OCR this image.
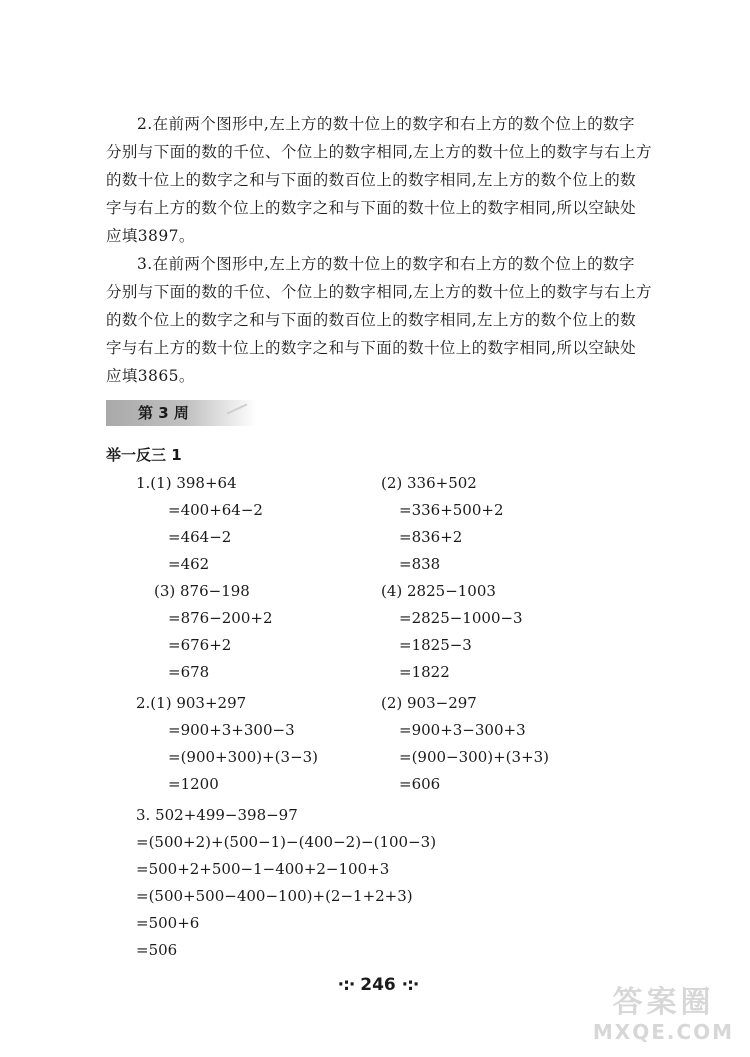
2.在前两个图形中,左上方的数十位上的数字和右上方的数个位上的数字
分别与下面的数的千位、个位上的数字相同,左上方的数十位上的数字与右上方
的数十位上的数字之和与下面的数百位上的数字相同,左上方的数个位上的数
字与右上方的数个位上的数字之和与下面的数十位上的数字相同,所以空缺处
应填3897。
3.在前两个图形中,左上方的数十位上的数字和右上方的数个位上的数字
分别与下面的数的千位、个位上的数字相同,左上方的数十位上的数字与右上方
的数个位上的数字之和与下面的数百位上的数字相同,左上方的数个位上的数
字与右上方的数十位上的数字之和与下面的数十位上的数字相同,所以空缺处
应填3865。
第 3 周
举一反三 1
1.(1) 398+64
=400+64−2
=464−2
=462
(3) 876−198
=876−200+2
=676+2
=678
(2) 336+502
=336+500+2
=836+2
=838
(4) 2825−1003
=2825−1000−3
=1825−3
=1822
2.(1) 903+297
=900+3+300−3
=(900+300)+(3−3)
=1200
(2) 903−297
=900+3−300+3
=(900−300)+(3+3)
=606
3. 502+499−398−97
=(500+2)+(500−1)−(400−2)−(100−3)
=500+2+500−1−400+2−100+3
=(500+500−400−100)+(2−1+2+3)
=500+6
=506
·:· 246 ·:·	答案圈
MXQE.COM
